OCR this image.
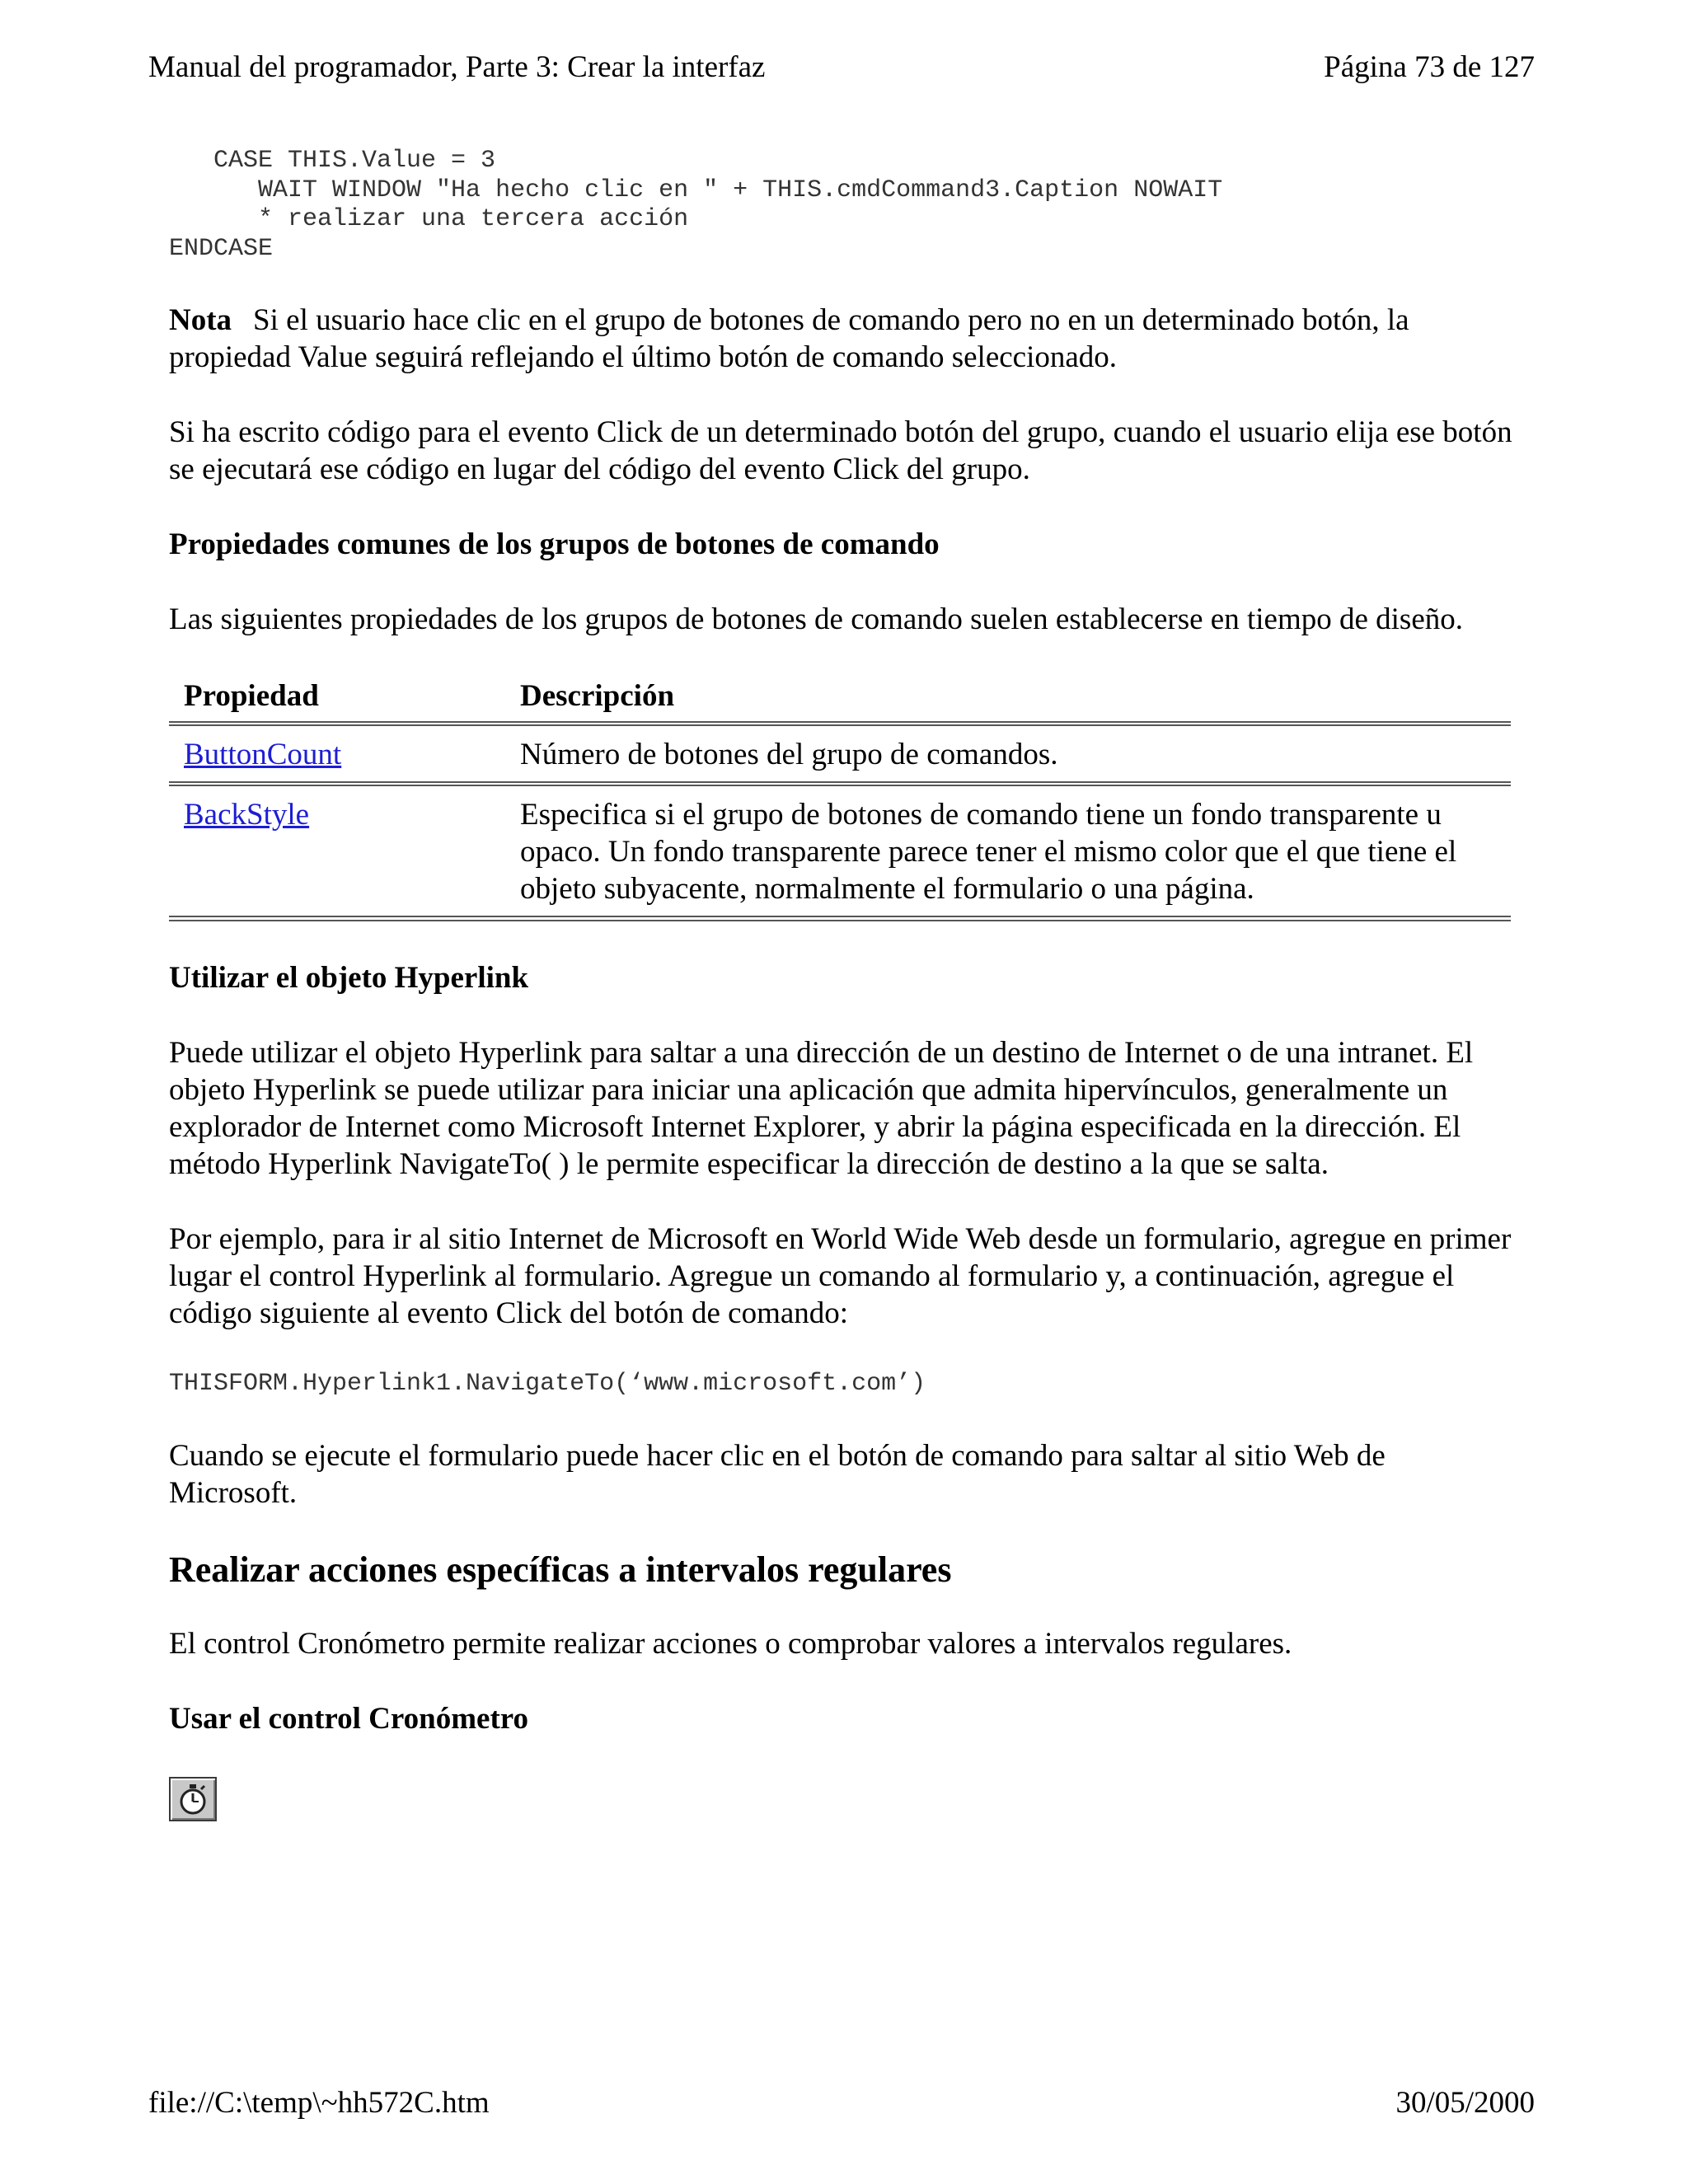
Manual del programador, Parte 3: Crear la interfaz	Página 73 de 127
CASE THIS.Value = 3
WAIT WINDOW "Ha hecho clic en " + THIS.cmdCommand3.Caption NOWAIT
* realizar una tercera acción
ENDCASE

Nota Si el usuario hace clic en el grupo de botones de comando pero no en un determinado botón, la propiedad Value seguirá reflejando el último botón de comando seleccionado.

Si ha escrito código para el evento Click de un determinado botón del grupo, cuando el usuario elija ese botón se ejecutará ese código en lugar del código del evento Click del grupo.

Propiedades comunes de los grupos de botones de comando

Las siguientes propiedades de los grupos de botones de comando suelen establecerse en tiempo de diseño.

Propiedad	Descripción
ButtonCount	Número de botones del grupo de comandos.
BackStyle	Especifica si el grupo de botones de comando tiene un fondo transparente u opaco. Un fondo transparente parece tener el mismo color que el que tiene el objeto subyacente, normalmente el formulario o una página.
Utilizar el objeto Hyperlink

Puede utilizar el objeto Hyperlink para saltar a una dirección de un destino de Internet o de una intranet. El objeto Hyperlink se puede utilizar para iniciar una aplicación que admita hipervínculos, generalmente un explorador de Internet como Microsoft Internet Explorer, y abrir la página especificada en la dirección. El método Hyperlink NavigateTo( ) le permite especificar la dirección de destino a la que se salta.

Por ejemplo, para ir al sitio Internet de Microsoft en World Wide Web desde un formulario, agregue en primer lugar el control Hyperlink al formulario. Agregue un comando al formulario y, a continuación, agregue el código siguiente al evento Click del botón de comando:

THISFORM.Hyperlink1.NavigateTo(‘www.microsoft.com’)

Cuando se ejecute el formulario puede hacer clic en el botón de comando para saltar al sitio Web de Microsoft.

Realizar acciones específicas a intervalos regulares

El control Cronómetro permite realizar acciones o comprobar valores a intervalos regulares.

Usar el control Cronómetro
file://C:\temp\~hh572C.htm	30/05/2000
